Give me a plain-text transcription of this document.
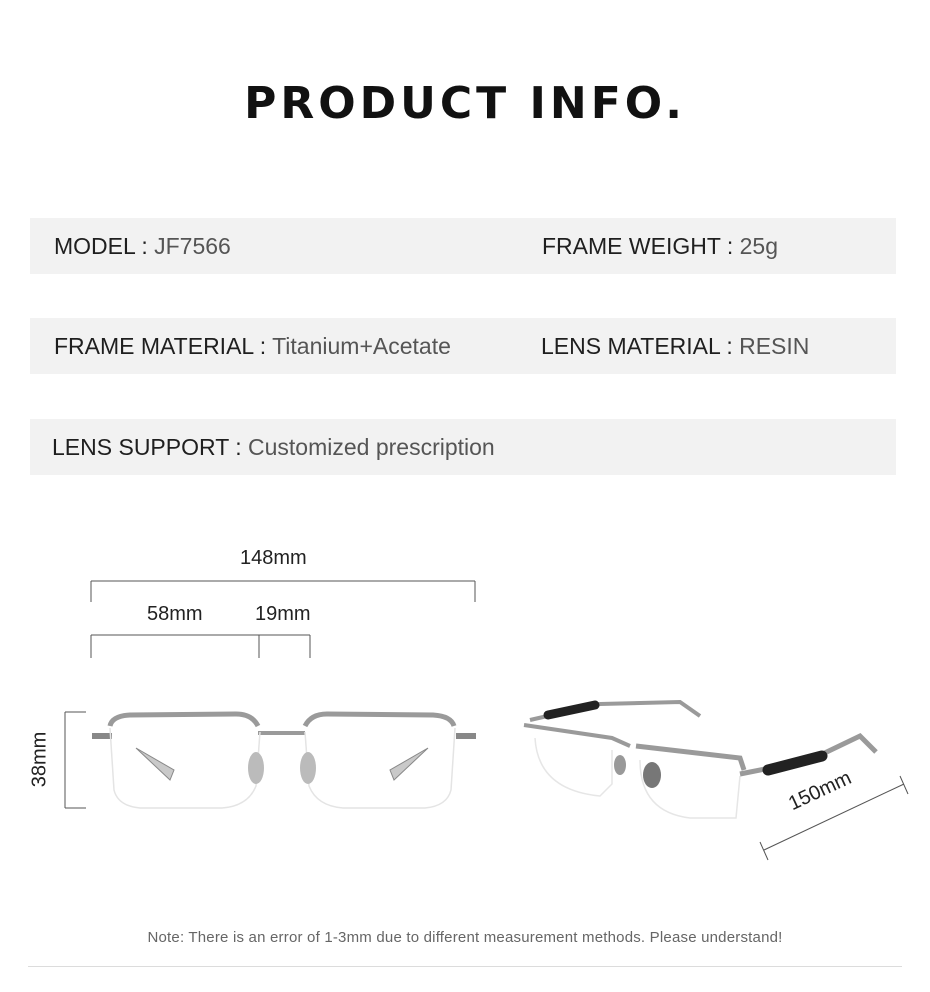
PRODUCT INFO.
MODEL : JF7566	FRAME WEIGHT : 25g
FRAME MATERIAL : Titanium+Acetate	LENS MATERIAL : RESIN
LENS SUPPORT : Customized prescription
148mm
58mm	19mm
38mm
150mm
Note: There is an error of 1-3mm due to different measurement methods. Please understand!
